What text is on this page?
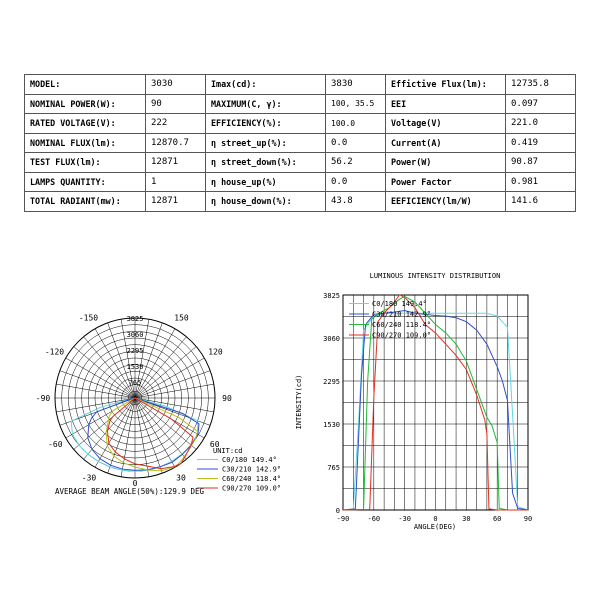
MODEL:	3030	Imax(cd):	3830	Effictive Flux(lm):	12735.8
NOMINAL POWER(W):	90	MAXIMUM(C, γ):	100, 35.5	EEI	0.097
RATED VOLTAGE(V):	222	EFFICIENCY(%):	100.0	Voltage(V)	221.0
NOMINAL FLUX(lm):	12870.7	η street_up(%):	0.0	Current(A)	0.419
TEST FLUX(lm):	12871	η street_down(%):	56.2	Power(W)	90.87
LAMPS QUANTITY:	1	η house_up(%)	0.0	Power Factor	0.981
TOTAL RADIANT(mw):	12871	η house_down(%):	43.8	EEFICIENCY(lm/W)	141.6
3825
3060
2295
1530
765
-150	150
-120	120
-90	90
-60	60
-30
0
30
UNIT:cd
C0/180 149.4°
C30/210 142.9°
C60/240 118.4°
C90/270 109.0°
AVERAGE BEAM ANGLE(50%):129.9 DEG
LUMINOUS INTENSITY DISTRIBUTION
3825
3060
2295
1530
765
0
-90	-60	-30	0	30	60	90
ANGLE(DEG)
INTENSITY(cd)
C0/180 149.4°
C30/210 142.9°
C60/240 118.4°
C90/270 109.0°
